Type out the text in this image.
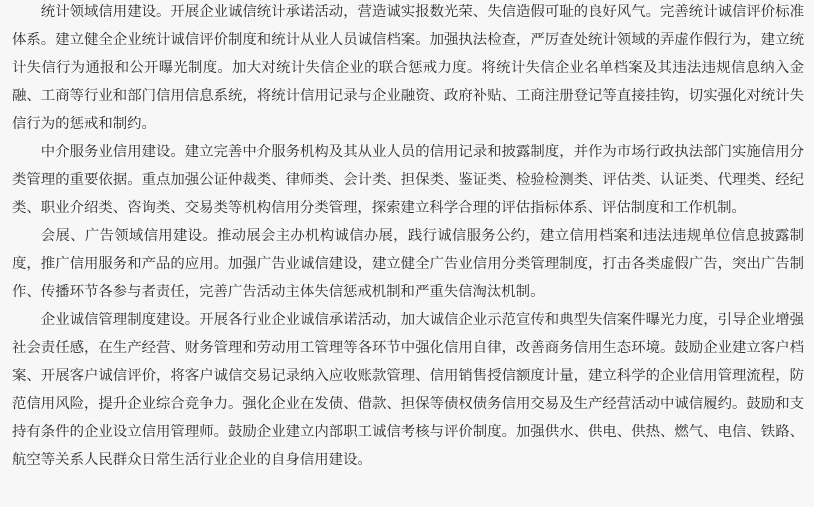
统计领域信用建设。开展企业诚信统计承诺活动，营造诚实报数光荣、失信造假可耻的良好风气。完善统计诚信评价标准体系。建立健全企业统计诚信评价制度和统计从业人员诚信档案。加强执法检查，严厉查处统计领域的弄虚作假行为，建立统计失信行为通报和公开曝光制度。加大对统计失信企业的联合惩戒力度。将统计失信企业名单档案及其违法违规信息纳入金融、工商等行业和部门信用信息系统，将统计信用记录与企业融资、政府补贴、工商注册登记等直接挂钩，切实强化对统计失信行为的惩戒和制约。

中介服务业信用建设。建立完善中介服务机构及其从业人员的信用记录和披露制度，并作为市场行政执法部门实施信用分类管理的重要依据。重点加强公证仲裁类、律师类、会计类、担保类、鉴证类、检验检测类、评估类、认证类、代理类、经纪类、职业介绍类、咨询类、交易类等机构信用分类管理，探索建立科学合理的评估指标体系、评估制度和工作机制。

会展、广告领域信用建设。推动展会主办机构诚信办展，践行诚信服务公约，建立信用档案和违法违规单位信息披露制度，推广信用服务和产品的应用。加强广告业诚信建设，建立健全广告业信用分类管理制度，打击各类虚假广告，突出广告制作、传播环节各参与者责任，完善广告活动主体失信惩戒机制和严重失信淘汰机制。

企业诚信管理制度建设。开展各行业企业诚信承诺活动，加大诚信企业示范宣传和典型失信案件曝光力度，引导企业增强社会责任感，在生产经营、财务管理和劳动用工管理等各环节中强化信用自律，改善商务信用生态环境。鼓励企业建立客户档案、开展客户诚信评价，将客户诚信交易记录纳入应收账款管理、信用销售授信额度计量，建立科学的企业信用管理流程，防范信用风险，提升企业综合竞争力。强化企业在发债、借款、担保等债权债务信用交易及生产经营活动中诚信履约。鼓励和支持有条件的企业设立信用管理师。鼓励企业建立内部职工诚信考核与评价制度。加强供水、供电、供热、燃气、电信、铁路、航空等关系人民群众日常生活行业企业的自身信用建设。
